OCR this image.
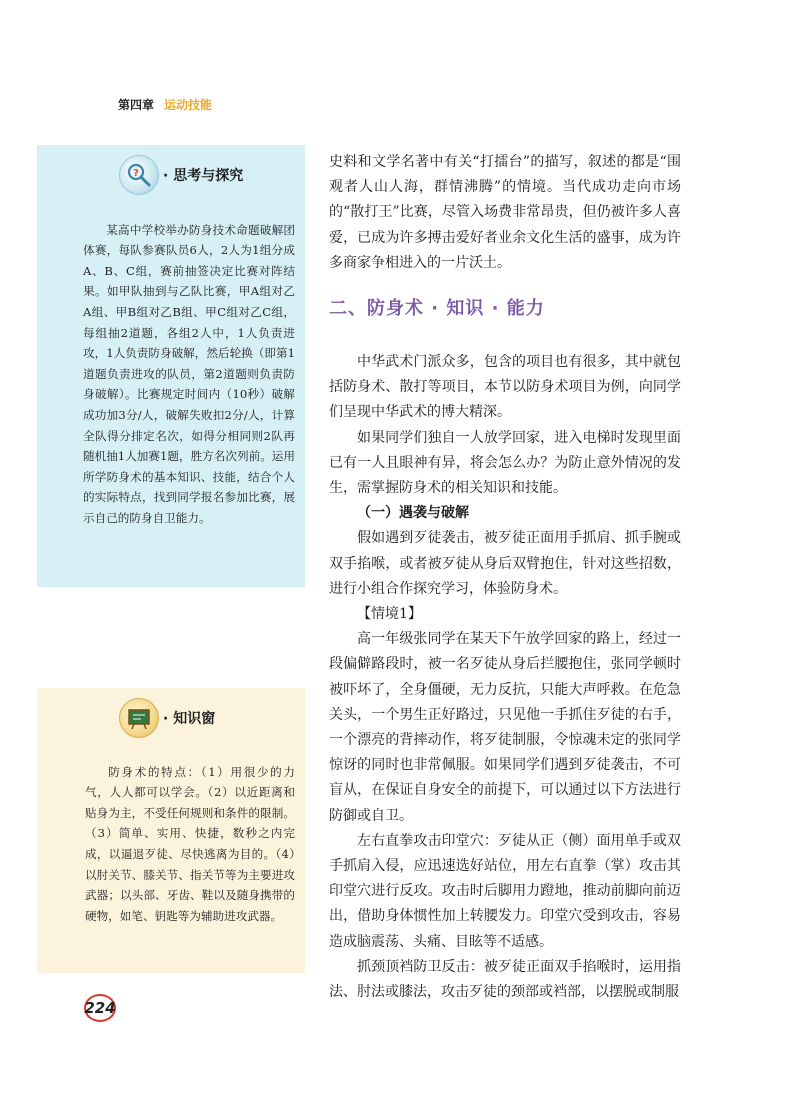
第四章 运动技能
? · 思考与探究

某高中学校举办防身技术命题破解团体赛，每队参赛队员6人，2人为1组分成A、B、C组，赛前抽签决定比赛对阵结果。如甲队抽到与乙队比赛，甲A组对乙A组、甲B组对乙B组、甲C组对乙C组，每组抽2道题，各组2人中，1人负责进攻，1人负责防身破解，然后轮换（即第1道题负责进攻的队员，第2道题则负责防身破解）。比赛规定时间内（10秒）破解成功加3分/人，破解失败扣2分/人，计算全队得分排定名次，如得分相同则2队再随机抽1人加赛1题，胜方名次列前。运用所学防身术的基本知识、技能，结合个人的实际特点，找到同学报名参加比赛，展示自己的防身自卫能力。

· 知识窗

防身术的特点：（1）用很少的力气，人人都可以学会。（2）以近距离和贴身为主，不受任何规则和条件的限制。（3）简单、实用、快捷，数秒之内完成，以逼退歹徒、尽快逃离为目的。（4）以肘关节、膝关节、指关节等为主要进攻武器；以头部、牙齿、鞋以及随身携带的硬物，如笔、钥匙等为辅助进攻武器。

史料和文学名著中有关“打擂台”的描写，叙述的都是“围观者人山人海，群情沸腾”的情境。当代成功走向市场的“散打王”比赛，尽管入场费非常昂贵，但仍被许多人喜爱，已成为许多搏击爱好者业余文化生活的盛事，成为许多商家争相进入的一片沃土。

二、防身术 · 知识 · 能力

中华武术门派众多，包含的项目也有很多，其中就包括防身术、散打等项目，本节以防身术项目为例，向同学们呈现中华武术的博大精深。

如果同学们独自一人放学回家，进入电梯时发现里面已有一人且眼神有异，将会怎么办？为防止意外情况的发生，需掌握防身术的相关知识和技能。

（一）遇袭与破解

假如遇到歹徒袭击，被歹徒正面用手抓肩、抓手腕或双手掐喉，或者被歹徒从身后双臂抱住，针对这些招数，进行小组合作探究学习，体验防身术。

【情境1】

高一年级张同学在某天下午放学回家的路上，经过一段偏僻路段时，被一名歹徒从身后拦腰抱住，张同学顿时被吓坏了，全身僵硬，无力反抗，只能大声呼救。在危急关头，一个男生正好路过，只见他一手抓住歹徒的右手，一个漂亮的背摔动作，将歹徒制服，令惊魂未定的张同学惊讶的同时也非常佩服。如果同学们遇到歹徒袭击，不可盲从，在保证自身安全的前提下，可以通过以下方法进行防御或自卫。

左右直拳攻击印堂穴：歹徒从正（侧）面用单手或双手抓肩入侵，应迅速选好站位，用左右直拳（掌）攻击其印堂穴进行反攻。攻击时后脚用力蹬地，推动前脚向前迈出，借助身体惯性加上转腰发力。印堂穴受到攻击，容易造成脑震荡、头痛、目眩等不适感。

抓颈顶裆防卫反击：被歹徒正面双手掐喉时，运用指法、肘法或膝法，攻击歹徒的颈部或裆部，以摆脱或制服

224
